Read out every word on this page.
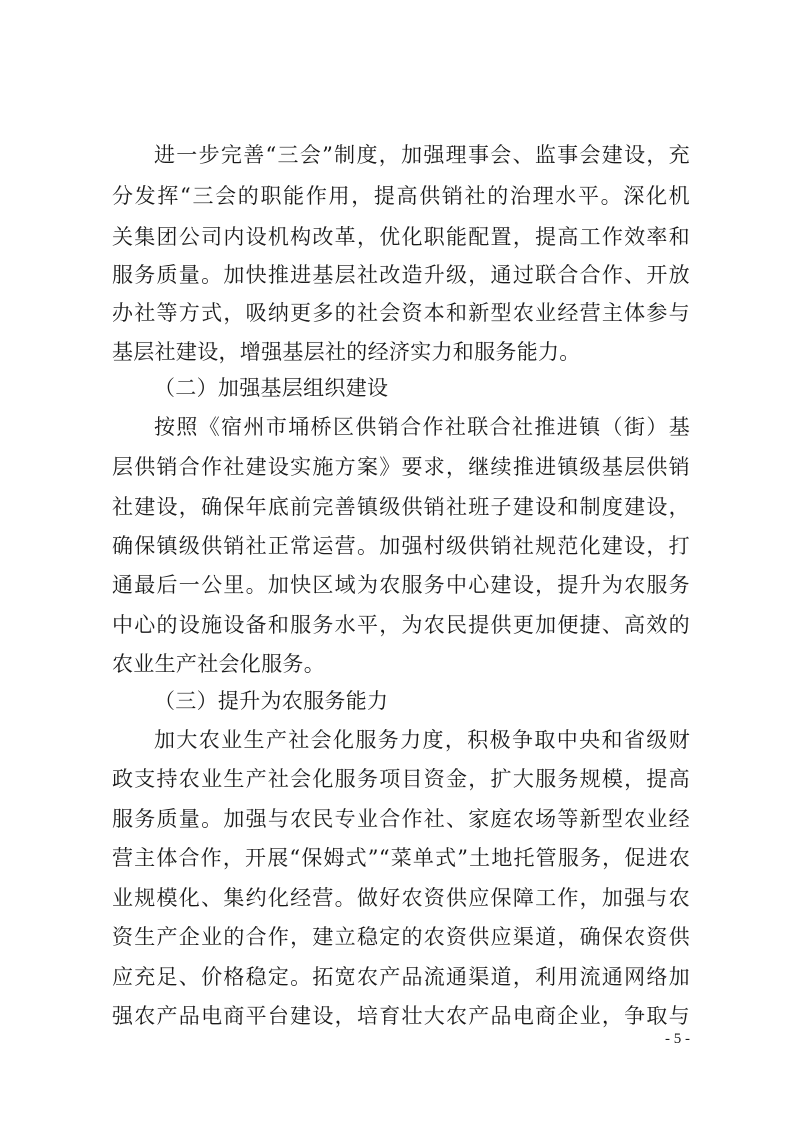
进一步完善“三会”制度，加强理事会、监事会建设，充
分发挥“三会的职能作用，提高供销社的治理水平。深化机
关集团公司内设机构改革，优化职能配置，提高工作效率和
服务质量。加快推进基层社改造升级，通过联合合作、开放
办社等方式，吸纳更多的社会资本和新型农业经营主体参与
基层社建设，增强基层社的经济实力和服务能力。
（二）加强基层组织建设
按照《宿州市埇桥区供销合作社联合社推进镇（街）基
层供销合作社建设实施方案》要求，继续推进镇级基层供销
社建设，确保年底前完善镇级供销社班子建设和制度建设，
确保镇级供销社正常运营。加强村级供销社规范化建设，打
通最后一公里。加快区域为农服务中心建设，提升为农服务
中心的设施设备和服务水平，为农民提供更加便捷、高效的
农业生产社会化服务。
（三）提升为农服务能力
加大农业生产社会化服务力度，积极争取中央和省级财
政支持农业生产社会化服务项目资金，扩大服务规模，提高
服务质量。加强与农民专业合作社、家庭农场等新型农业经
营主体合作，开展“保姆式”“菜单式”土地托管服务，促进农
业规模化、集约化经营。做好农资供应保障工作，加强与农
资生产企业的合作，建立稳定的农资供应渠道，确保农资供
应充足、价格稳定。拓宽农产品流通渠道，利用流通网络加
强农产品电商平台建设，培育壮大农产品电商企业，争取与
- 5 -
